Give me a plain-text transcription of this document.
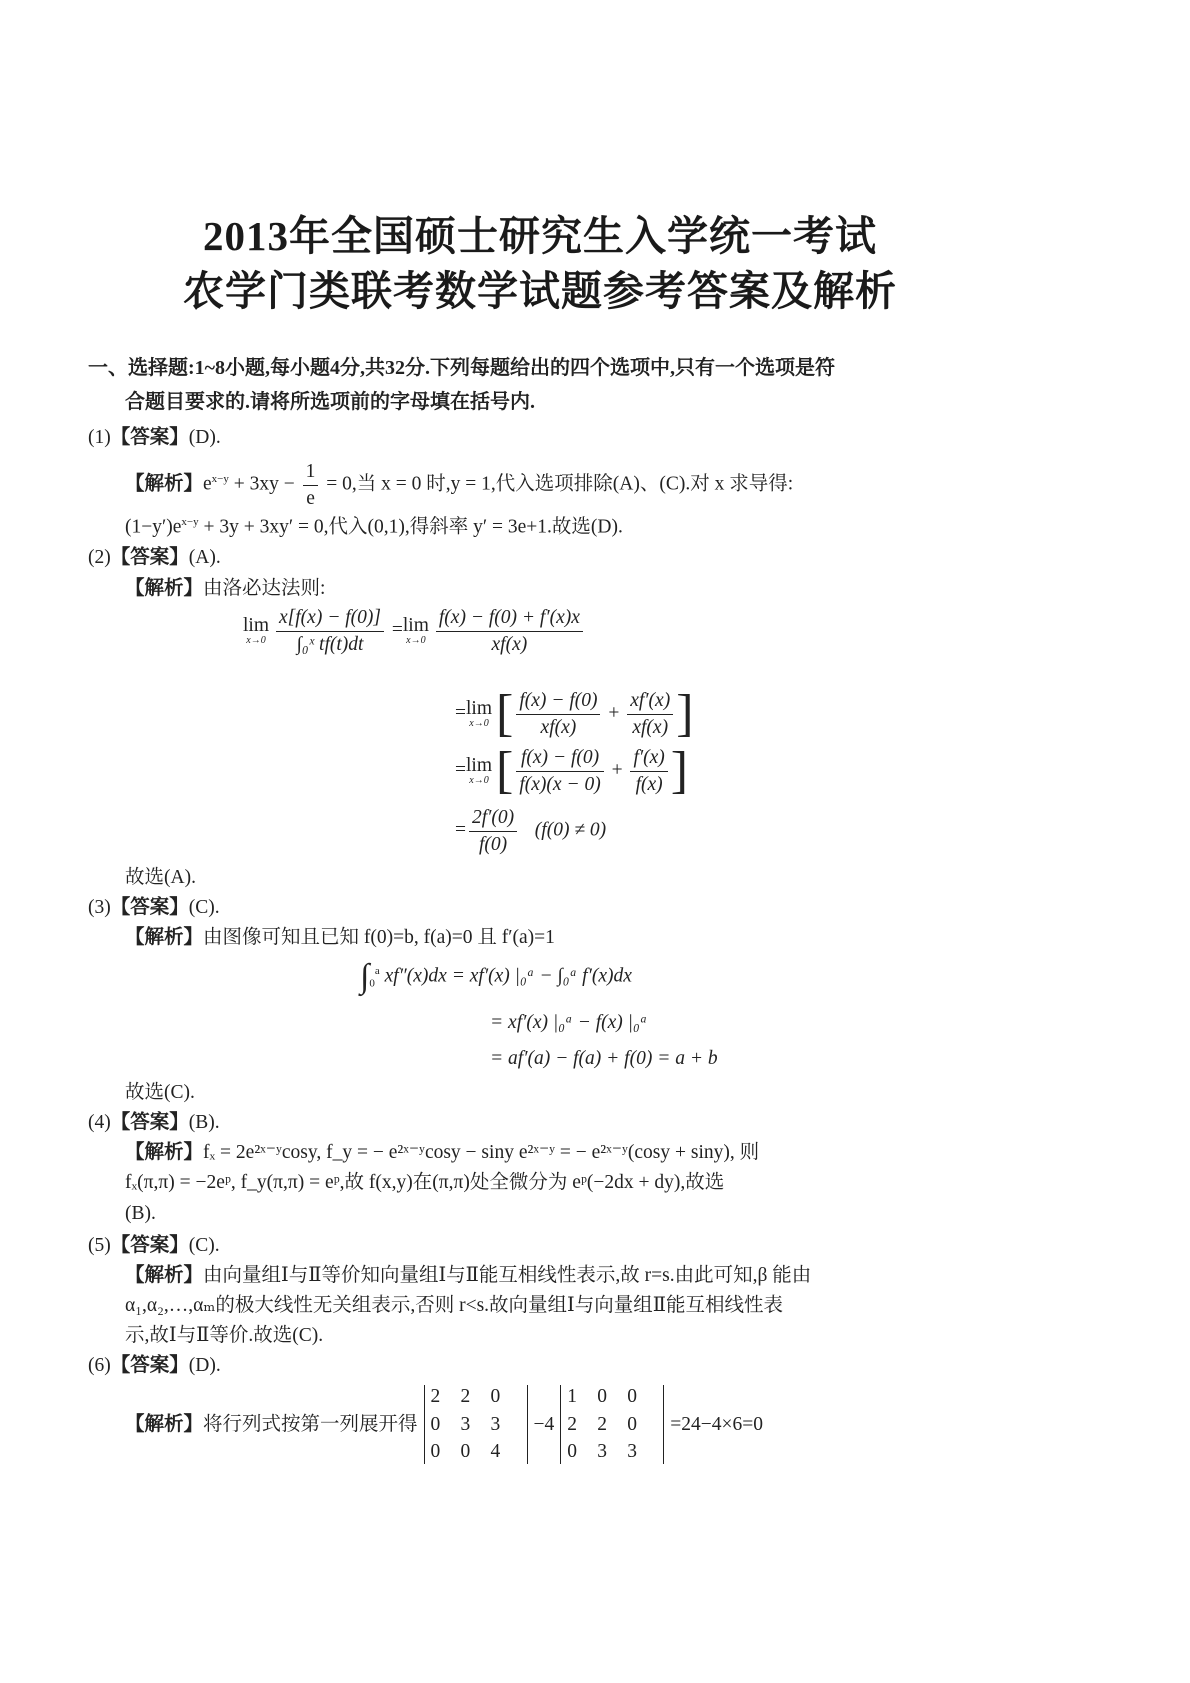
2013年全国硕士研究生入学统一考试
农学门类联考数学试题参考答案及解析
一、选择题:1~8小题,每小题4分,共32分.下列每题给出的四个选项中,只有一个选项是符
合题目要求的.请将所选项前的字母填在括号内.
(1)【答案】(D).
【解析】$e^{x-y} + 3xy - \frac{1}{e} = 0$,当 x = 0 时,y = 1,代入选项排除(A)、(C).对 x 求导得:
$(1-y')e^{x-y} + 3y + 3xy' = 0$,代入(0,1),得斜率 y′ = 3e+1.故选(D).
(2)【答案】(A).
【解析】由洛必达法则:
lim
$x\to 0 \frac{x[f(x) - f(0)]}{\text{∫₀ˣ tf(t)dt}} = \lim$
$x\to 0 \frac{f(x) - f(0) + f'(x)x}{xf(x)}$
= lim
x→0 [ $\frac{f(x) - f(0)}{xf(x)} + \frac{xf'(x)}{xf(x)}$ ]
= lim
x→0 [ $\frac{f(x) - f(0)}{f(x)(x - 0)} + \frac{f'(x)}{f(x)}$ ]
= $\frac{2f'(0)}{f(0)} (f(0) \ne 0)$
故选(A).
(3)【答案】(C).
【解析】由图像可知且已知 f(0)=b, f(a)=0 且 f′(a)=1
$\int_0^a$ xf″(x)dx = xf′(x) |₀ᵃ − ∫₀ᵃ f′(x)dx
= xf′(x) |₀ᵃ − f(x) |₀ᵃ
= af′(a) − f(a) + f(0) = a + b
故选(C).
(4)【答案】(B).
【解析】fₓ = 2e²ˣ⁻ʸcosy, f_y = − e²ˣ⁻ʸcosy − siny e²ˣ⁻ʸ = − e²ˣ⁻ʸ(cosy + siny), 则
fₓ(π,π) = −2eᵖ, f_y(π,π) = eᵖ,故 f(x,y)在(π,π)处全微分为 eᵖ(−2dx + dy),故选
(B).
(5)【答案】(C).
【解析】由向量组Ⅰ与Ⅱ等价知向量组Ⅰ与Ⅱ能互相线性表示,故 r=s.由此可知,β 能由
α₁,α₂,…,αₘ的极大线性无关组表示,否则 r<s.故向量组Ⅰ与向量组Ⅱ能互相线性表
示,故Ⅰ与Ⅱ等价.故选(C).
(6)【答案】(D).
【解析】 将行列式按第一列展开得
2	2	0
0	3	3
0	0	4
−4
1	0	0
2	2	0
0	3	3
=24−4×6=0
